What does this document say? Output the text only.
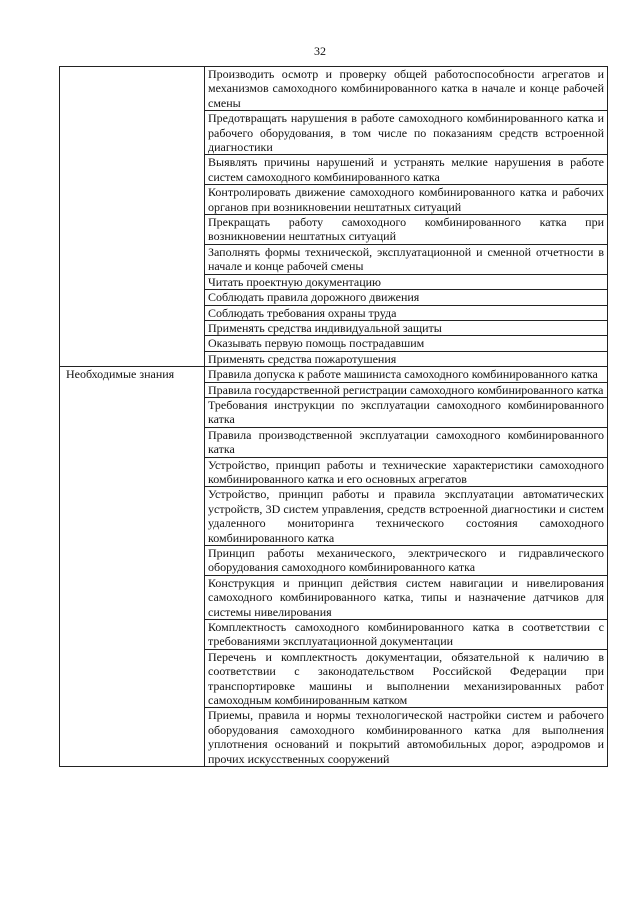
32
	Производить осмотр и проверку общей работоспособности агрегатов и механизмов самоходного комбинированного катка в начале и конце рабочей смены
	Предотвращать нарушения в работе самоходного комбинированного катка и рабочего оборудования, в том числе по показаниям средств встроенной диагностики
	Выявлять причины нарушений и устранять мелкие нарушения в работе систем самоходного комбинированного катка
	Контролировать движение самоходного комбинированного катка и рабочих органов при возникновении нештатных ситуаций
	Прекращать работу самоходного комбинированного катка при возникновении нештатных ситуаций
	Заполнять формы технической, эксплуатационной и сменной отчетности в начале и конце рабочей смены
	Читать проектную документацию
	Соблюдать правила дорожного движения
	Соблюдать требования охраны труда
	Применять средства индивидуальной защиты
	Оказывать первую помощь пострадавшим
	Применять средства пожаротушения

Необходимые знания	Правила допуска к работе машиниста самоходного комбинированного катка
	Правила государственной регистрации самоходного комбинированного катка
	Требования инструкции по эксплуатации самоходного комбинированного катка
	Правила производственной эксплуатации самоходного комбинированного катка
	Устройство, принцип работы и технические характеристики самоходного комбинированного катка и его основных агрегатов
	Устройство, принцип работы и правила эксплуатации автоматических устройств, 3D систем управления, средств встроенной диагностики и систем удаленного мониторинга технического состояния самоходного комбинированного катка
	Принцип работы механического, электрического и гидравлического оборудования самоходного комбинированного катка
	Конструкция и принцип действия систем навигации и нивелирования самоходного комбинированного катка, типы и назначение датчиков для системы нивелирования
	Комплектность самоходного комбинированного катка в соответствии с требованиями эксплуатационной документации
	Перечень и комплектность документации, обязательной к наличию в соответствии с законодательством Российской Федерации при транспортировке машины и выполнении механизированных работ самоходным комбинированным катком
	Приемы, правила и нормы технологической настройки систем и рабочего оборудования самоходного комбинированного катка для выполнения уплотнения оснований и покрытий автомобильных дорог, аэродромов и прочих искусственных сооружений
